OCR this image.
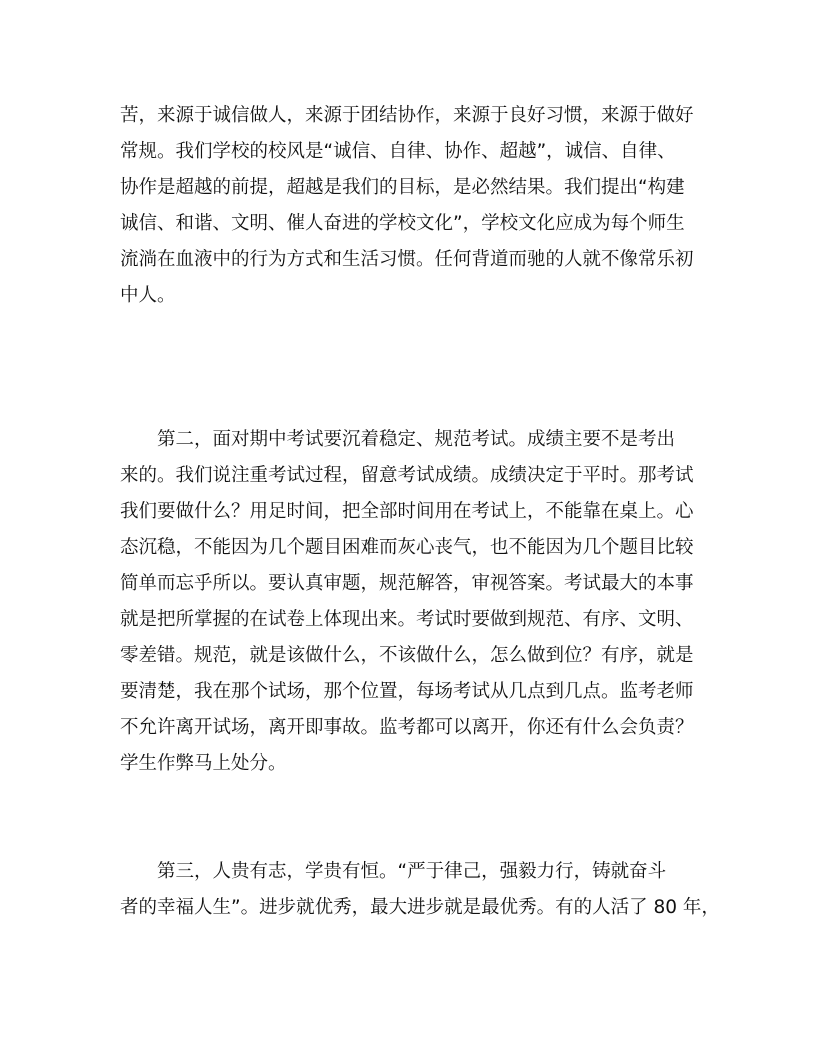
苦，来源于诚信做人，来源于团结协作，来源于良好习惯，来源于做好
常规。我们学校的校风是“诚信、自律、协作、超越”，诚信、自律、
协作是超越的前提，超越是我们的目标，是必然结果。我们提出“构建
诚信、和谐、文明、催人奋进的学校文化”，学校文化应成为每个师生
流淌在血液中的行为方式和生活习惯。任何背道而驰的人就不像常乐初
中人。
　　第二，面对期中考试要沉着稳定、规范考试。成绩主要不是考出
来的。我们说注重考试过程，留意考试成绩。成绩决定于平时。那考试
我们要做什么？用足时间，把全部时间用在考试上，不能靠在桌上。心
态沉稳，不能因为几个题目困难而灰心丧气，也不能因为几个题目比较
简单而忘乎所以。要认真审题，规范解答，审视答案。考试最大的本事
就是把所掌握的在试卷上体现出来。考试时要做到规范、有序、文明、
零差错。规范，就是该做什么，不该做什么，怎么做到位？有序，就是
要清楚，我在那个试场，那个位置，每场考试从几点到几点。监考老师
不允许离开试场，离开即事故。监考都可以离开，你还有什么会负责？
学生作弊马上处分。
　　第三，人贵有志，学贵有恒。“严于律己，强毅力行，铸就奋斗
者的幸福人生”。进步就优秀，最大进步就是最优秀。有的人活了 80 年，
